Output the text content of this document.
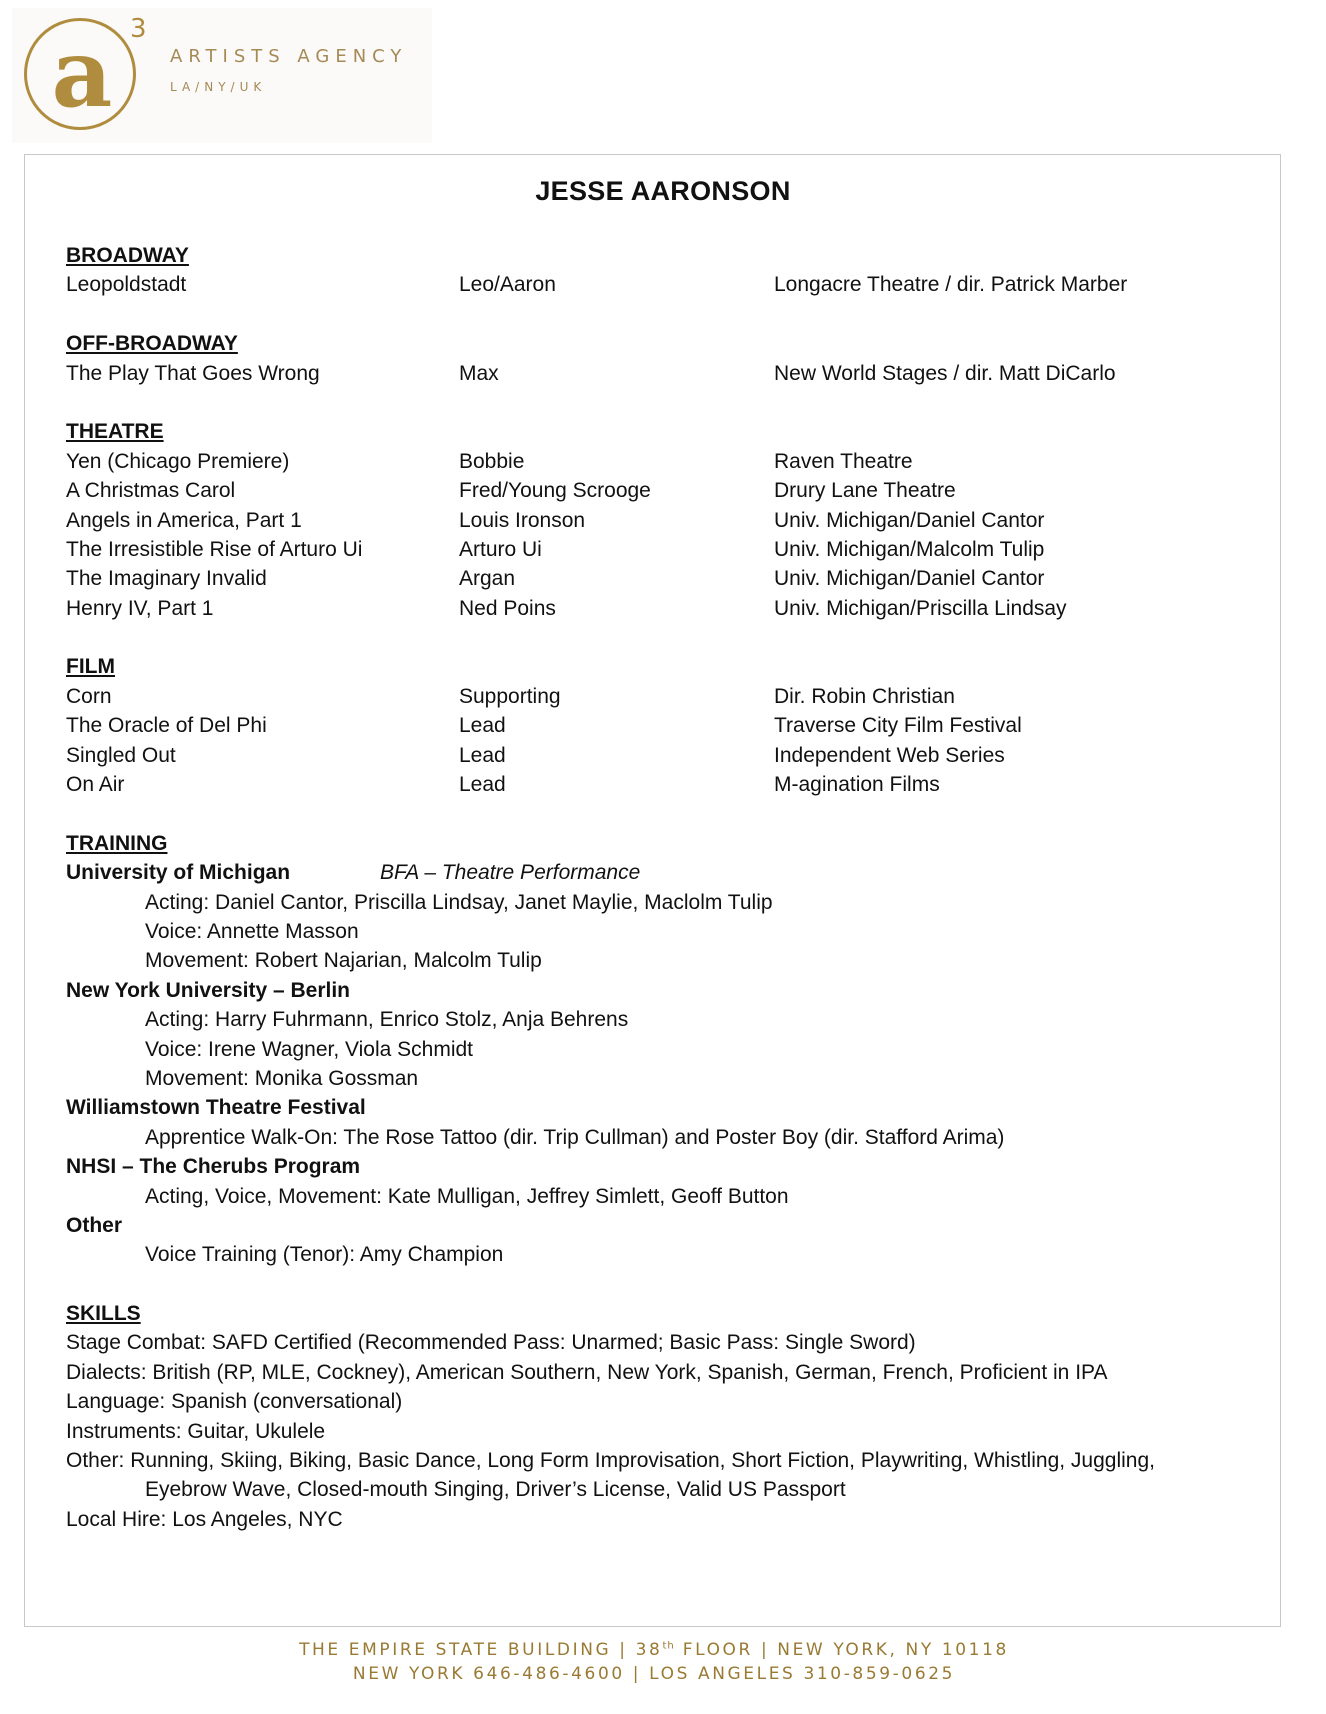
a 3
ARTISTS AGENCY
LA/NY/UK
JESSE AARONSON
BROADWAY
Leopoldstadt	Leo/Aaron	Longacre Theatre / dir. Patrick Marber
OFF-BROADWAY
The Play That Goes Wrong	Max	New World Stages / dir. Matt DiCarlo
THEATRE
Yen (Chicago Premiere)	Bobbie	Raven Theatre
A Christmas Carol	Fred/Young Scrooge	Drury Lane Theatre
Angels in America, Part 1	Louis Ironson	Univ. Michigan/Daniel Cantor
The Irresistible Rise of Arturo Ui	Arturo Ui	Univ. Michigan/Malcolm Tulip
The Imaginary Invalid	Argan	Univ. Michigan/Daniel Cantor
Henry IV, Part 1	Ned Poins	Univ. Michigan/Priscilla Lindsay
FILM
Corn	Supporting	Dir. Robin Christian
The Oracle of Del Phi	Lead	Traverse City Film Festival
Singled Out	Lead	Independent Web Series
On Air	Lead	M-agination Films
TRAINING
University of Michigan	BFA – Theatre Performance
Acting: Daniel Cantor, Priscilla Lindsay, Janet Maylie, Maclolm Tulip
Voice: Annette Masson
Movement: Robert Najarian, Malcolm Tulip
New York University – Berlin
Acting: Harry Fuhrmann, Enrico Stolz, Anja Behrens
Voice: Irene Wagner, Viola Schmidt
Movement: Monika Gossman
Williamstown Theatre Festival
Apprentice Walk-On: The Rose Tattoo (dir. Trip Cullman) and Poster Boy (dir. Stafford Arima)
NHSI – The Cherubs Program
Acting, Voice, Movement: Kate Mulligan, Jeffrey Simlett, Geoff Button
Other
Voice Training (Tenor): Amy Champion
SKILLS
Stage Combat: SAFD Certified (Recommended Pass: Unarmed; Basic Pass: Single Sword)
Dialects: British (RP, MLE, Cockney), American Southern, New York, Spanish, German, French, Proficient in IPA
Language: Spanish (conversational)
Instruments: Guitar, Ukulele
Other: Running, Skiing, Biking, Basic Dance, Long Form Improvisation, Short Fiction, Playwriting, Whistling, Juggling,
Eyebrow Wave, Closed-mouth Singing, Driver’s License, Valid US Passport
Local Hire: Los Angeles, NYC
THE EMPIRE STATE BUILDING | 38th FLOOR | NEW YORK, NY 10118
NEW YORK 646-486-4600 | LOS ANGELES 310-859-0625
